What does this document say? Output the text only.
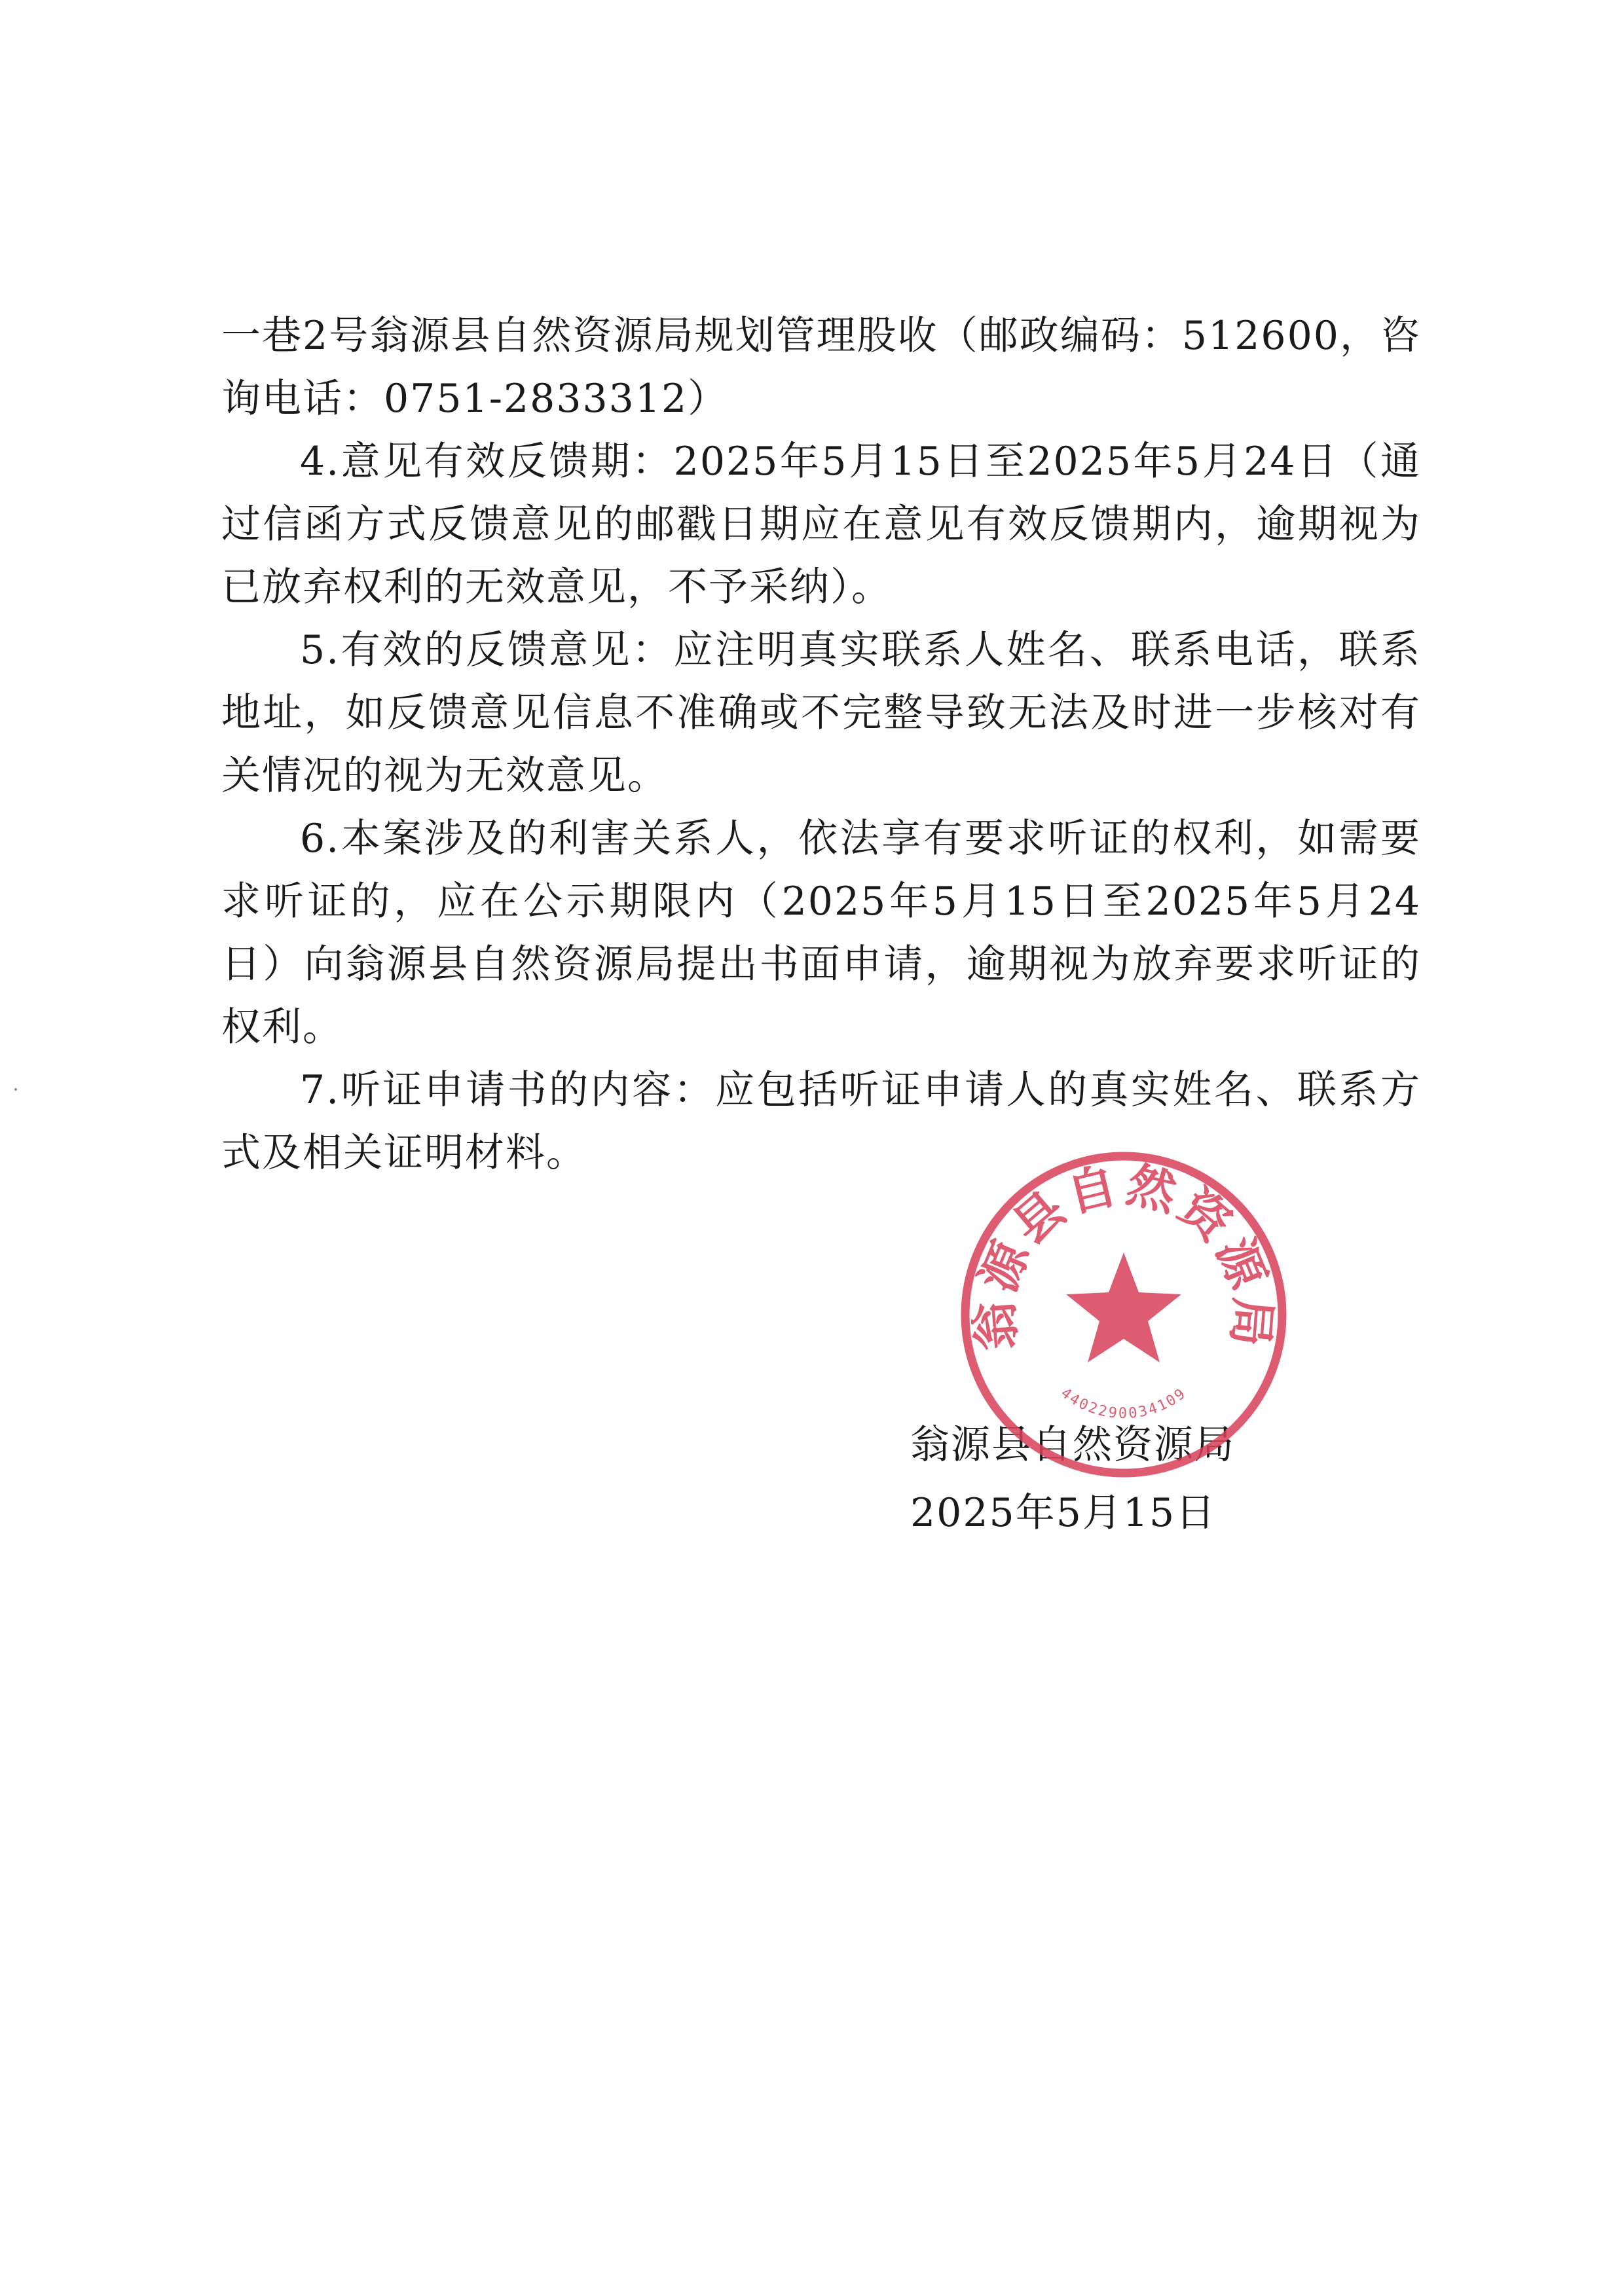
一巷2号翁源县自然资源局规划管理股收（邮政编码：512600，咨询电话：0751-2833312）

4.意见有效反馈期：2025年5月15日至2025年5月24日（通过信函方式反馈意见的邮戳日期应在意见有效反馈期内，逾期视为已放弃权利的无效意见，不予采纳）。

5.有效的反馈意见：应注明真实联系人姓名、联系电话，联系地址，如反馈意见信息不准确或不完整导致无法及时进一步核对有关情况的视为无效意见。

6.本案涉及的利害关系人，依法享有要求听证的权利，如需要求听证的，应在公示期限内（2025年5月15日至2025年5月24日）向翁源县自然资源局提出书面申请，逾期视为放弃要求听证的权利。

7.听证申请书的内容：应包括听证申请人的真实姓名、联系方式及相关证明材料。

翁源县自然资源局
2025年5月15日
翁源县自然资源局
4402290034109
